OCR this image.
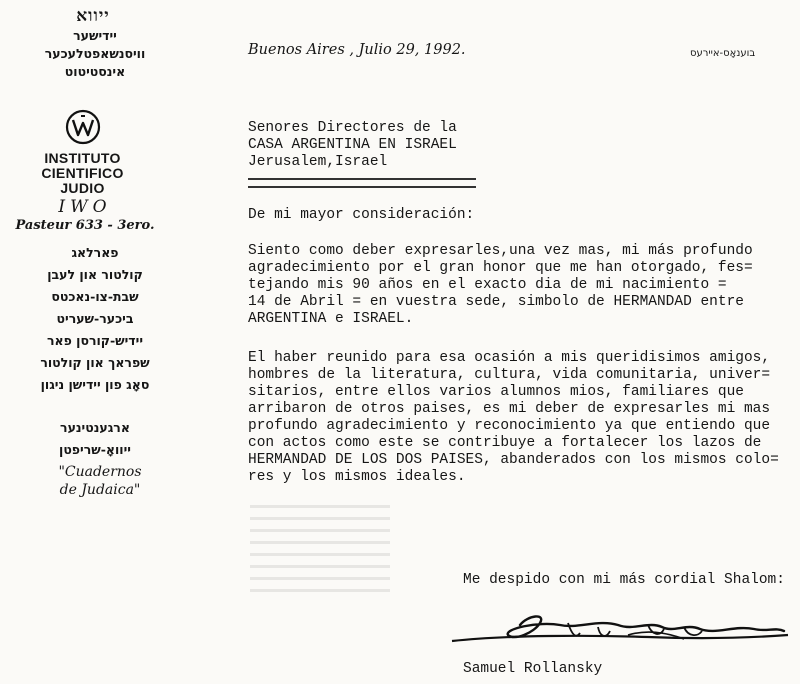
ייווא
יידישער
וויסנשאפטלעכער
אינסטיטוט
INSTITUTO
CIENTIFICO
JUDIO
IWO
Pasteur 633 - 3ero.
פארלאג
קולטור און לעבן
שבת-צו-נאכטס
ביכער-שעריט
יידיש-קורסן פאר
שפראך און קולטור
סאָג פון יידישן ניגון
ארגענטינער
ייוואָ-שריפטן
"Cuadernos
de Judaica"
Buenos Aires , Julio 29, 1992.	בוענאָס-איירעס
Senores Directores de la
CASA ARGENTINA EN ISRAEL
Jerusalem,Israel
De mi mayor consideración:
Siento como deber expresarles,una vez mas, mi más profundo
agradecimiento por el gran honor que me han otorgado, fes=
tejando mis 90 años en el exacto dia de mi nacimiento =
14 de Abril = en vuestra sede, simbolo de HERMANDAD entre
ARGENTINA e ISRAEL.
El haber reunido para esa ocasión a mis queridisimos amigos,
hombres de la literatura, cultura, vida comunitaria, univer=
sitarios, entre ellos varios alumnos mios, familiares que
arribaron de otros paises, es mi deber de expresarles mi mas
profundo agradecimiento y reconocimiento ya que entiendo que
con actos como este se contribuye a fortalecer los lazos de
HERMANDAD DE LOS DOS PAISES, abanderados con los mismos colo=
res y los mismos ideales.
Me despido con mi más cordial Shalom:
Samuel Rollansky
